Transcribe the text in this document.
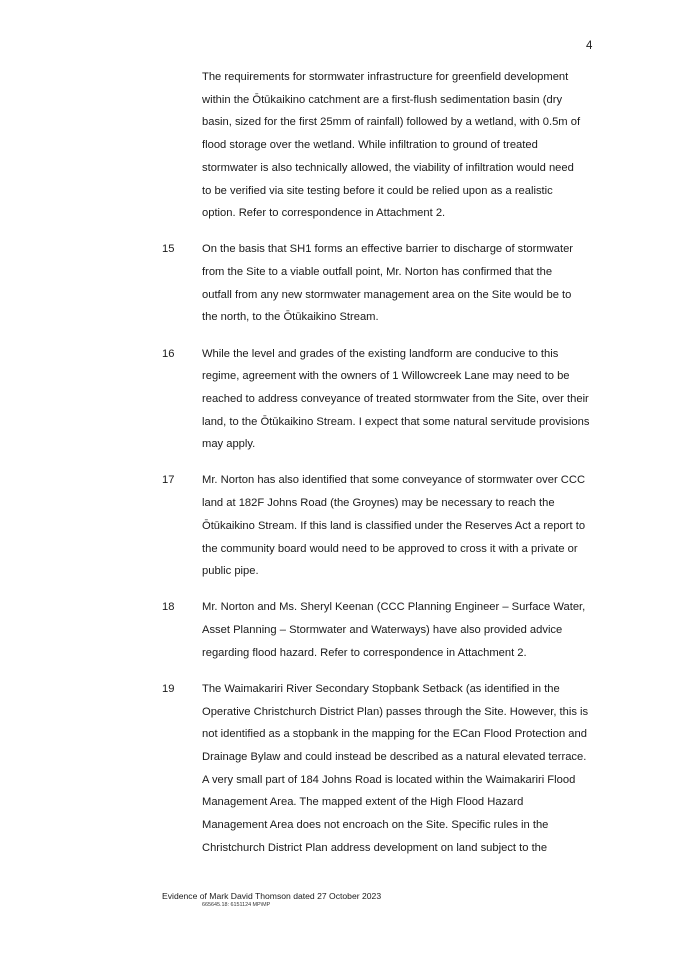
4
The requirements for stormwater infrastructure for greenfield development
within the Ōtūkaikino catchment are a first-flush sedimentation basin (dry
basin, sized for the first 25mm of rainfall) followed by a wetland, with 0.5m of
flood storage over the wetland. While infiltration to ground of treated
stormwater is also technically allowed, the viability of infiltration would need
to be verified via site testing before it could be relied upon as a realistic
option. Refer to correspondence in Attachment 2.
15	On the basis that SH1 forms an effective barrier to discharge of stormwater
from the Site to a viable outfall point, Mr. Norton has confirmed that the
outfall from any new stormwater management area on the Site would be to
the north, to the Ōtūkaikino Stream.
16	While the level and grades of the existing landform are conducive to this
regime, agreement with the owners of 1 Willowcreek Lane may need to be
reached to address conveyance of treated stormwater from the Site, over their
land, to the Ōtūkaikino Stream. I expect that some natural servitude provisions
may apply.
17	Mr. Norton has also identified that some conveyance of stormwater over CCC
land at 182F Johns Road (the Groynes) may be necessary to reach the
Ōtūkaikino Stream. If this land is classified under the Reserves Act a report to
the community board would need to be approved to cross it with a private or
public pipe.
18	Mr. Norton and Ms. Sheryl Keenan (CCC Planning Engineer – Surface Water,
Asset Planning – Stormwater and Waterways) have also provided advice
regarding flood hazard. Refer to correspondence in Attachment 2.
19	The Waimakariri River Secondary Stopbank Setback (as identified in the
Operative Christchurch District Plan) passes through the Site. However, this is
not identified as a stopbank in the mapping for the ECan Flood Protection and
Drainage Bylaw and could instead be described as a natural elevated terrace.
A very small part of 184 Johns Road is located within the Waimakariri Flood
Management Area. The mapped extent of the High Flood Hazard
Management Area does not encroach on the Site. Specific rules in the
Christchurch District Plan address development on land subject to the
Evidence of Mark David Thomson dated 27 October 2023
665645.18: 6151124 MP\MP
